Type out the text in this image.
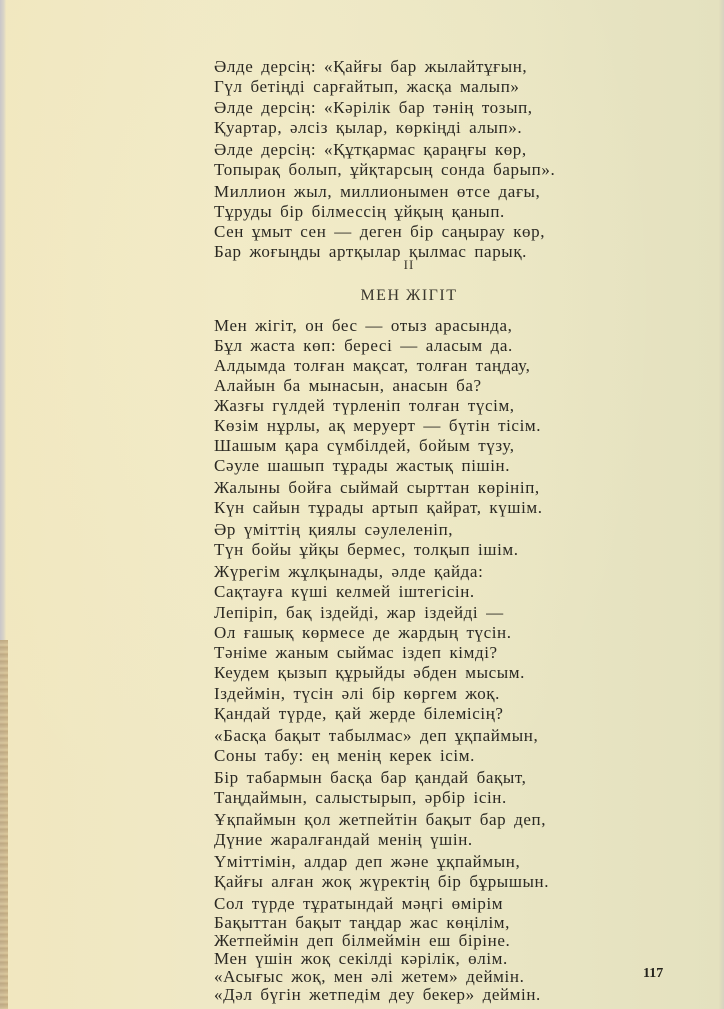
Әлде дерсің: «Қайғы бар жылайтұғын,
Гүл бетіңді сарғайтып, жасқа малып»
Әлде дерсің: «Кәрілік бар тәнің тозып,
Қуартар, әлсіз қылар, көркіңді алып».
Әлде дерсің: «Құтқармас қараңғы көр,
Топырақ болып, ұйқтарсың сонда барып».
Миллион жыл, миллионымен өтсе дағы,
Тұруды бір білмессің ұйқың қанып.
Сен ұмыт сен — деген бір саңырау көр,
Бар жоғыңды артқылар қылмас парық.
II
МЕН ЖІГІТ
Мен жігіт, он бес — отыз арасында,
Бұл жаста көп: бересі — аласым да.
Алдымда толған мақсат, толған таңдау,
Алайын ба мынасын, анасын ба?
Жазғы гүлдей түрленіп толған түсім,
Көзім нұрлы, ақ меруерт — бүтін тісім.
Шашым қара сүмбілдей, бойым түзу,
Сәуле шашып тұрады жастық пішін.
Жалыны бойға сыймай сырттан көрініп,
Күн сайын тұрады артып қайрат, күшім.
Әр үміттің қиялы сәулеленіп,
Түн бойы ұйқы бермес, толқып ішім.
Жүрегім жұлқынады, әлде қайда:
Сақтауға күші келмей іштегісін.
Лепіріп, бақ іздейді, жар іздейді —
Ол ғашық көрмесе де жардың түсін.
Тәніме жаным сыймас іздеп кімді?
Кеудем қызып құрыйды әбден мысым.
Іздеймін, түсін әлі бір көргем жоқ.
Қандай түрде, қай жерде білемісің?
«Басқа бақыт табылмас» деп ұқпаймын,
Соны табу: ең менің керек ісім.
Бір табармын басқа бар қандай бақыт,
Таңдаймын, салыстырып, әрбір ісін.
Ұқпаймын қол жетпейтін бақыт бар деп,
Дүние жаралғандай менің үшін.
Үміттімін, алдар деп және ұқпаймын,
Қайғы алған жоқ жүректің бір бұрышын.
Сол түрде тұратындай мәңгі өмірім
Бақыттан бақыт таңдар жас көңілім,
Жетпеймін деп білмеймін еш біріне.
Мен үшін жоқ секілді кәрілік, өлім.
«Асығыс жоқ, мен әлі жетем» деймін.
«Дәл бүгін жетпедім деу бекер» деймін.
117
